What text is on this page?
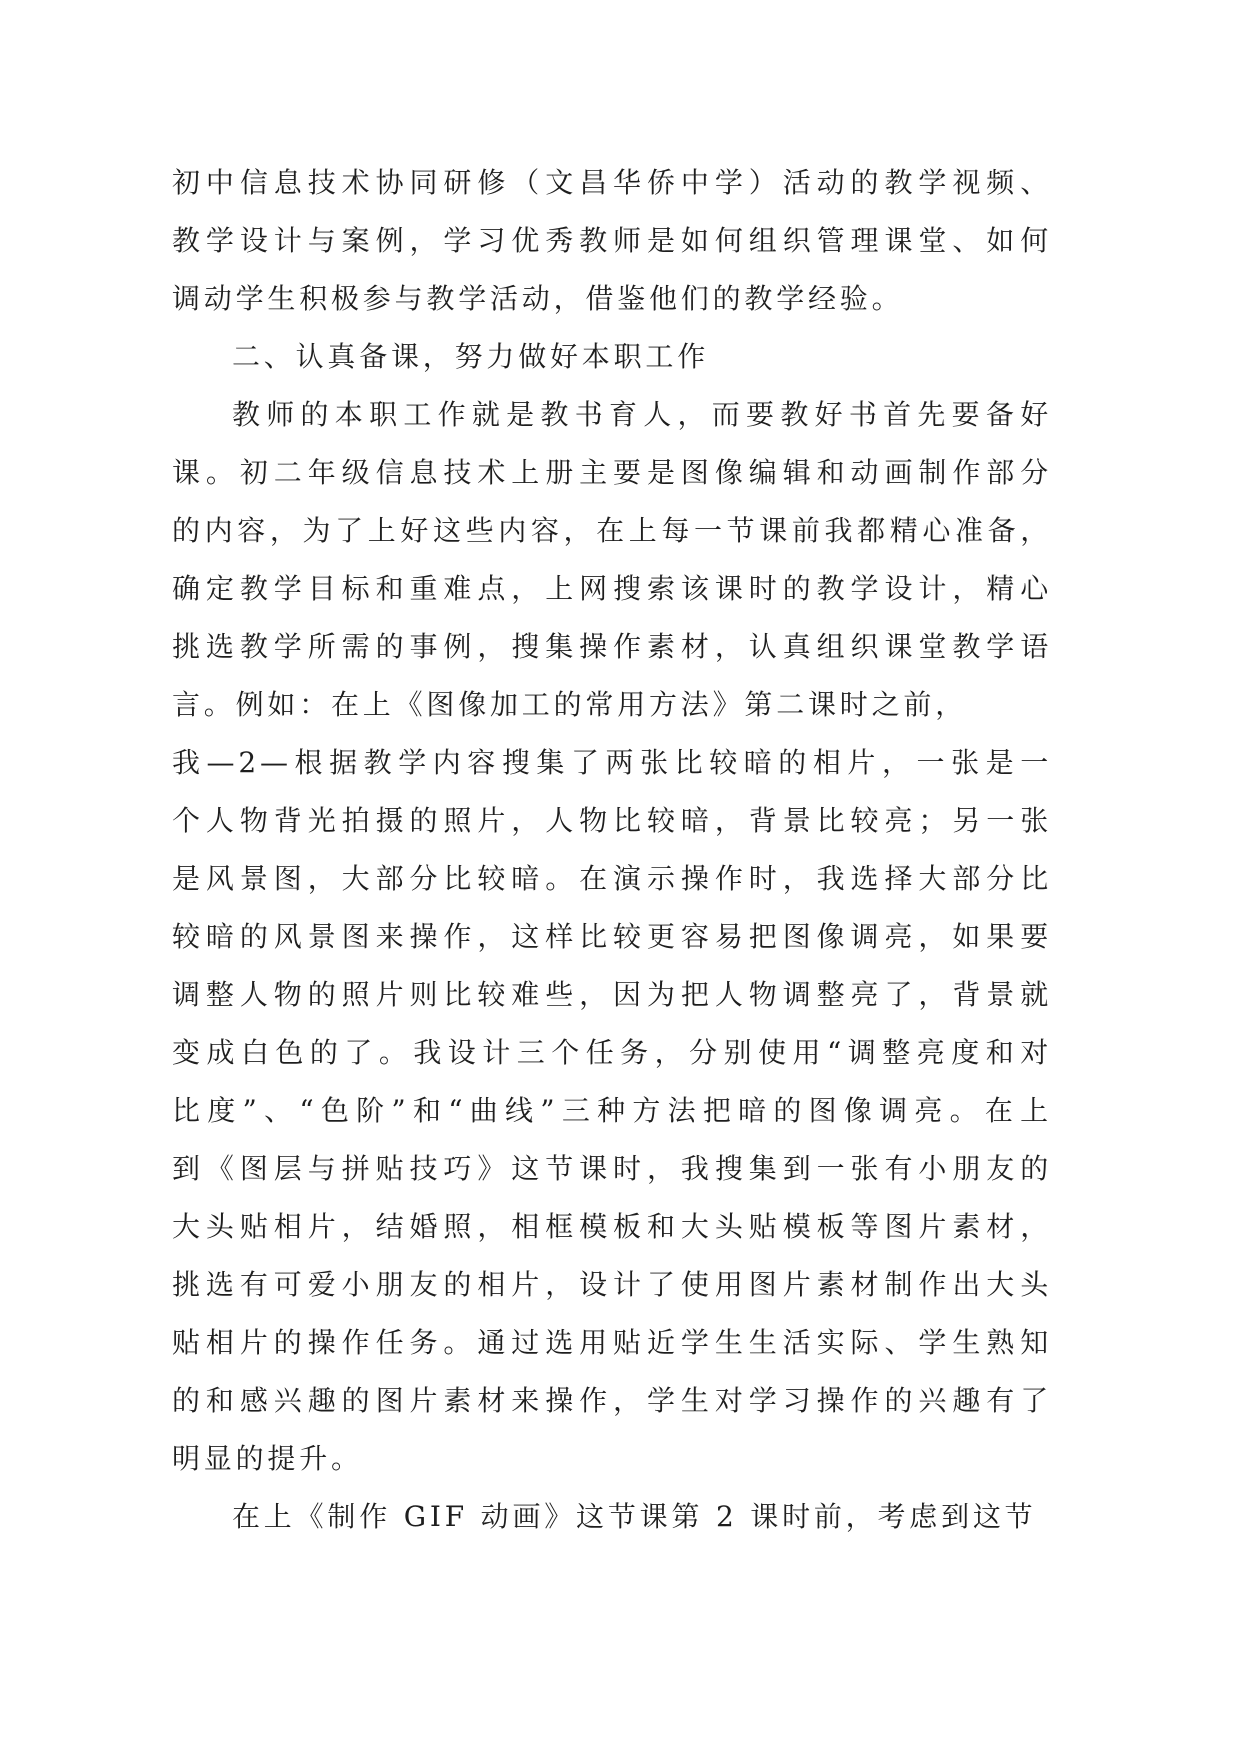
初中信息技术协同研修（文昌华侨中学）活动的教学视频、
教学设计与案例，学习优秀教师是如何组织管理课堂、如何
调动学生积极参与教学活动，借鉴他们的教学经验。
二、认真备课，努力做好本职工作
教师的本职工作就是教书育人，而要教好书首先要备好
课。初二年级信息技术上册主要是图像编辑和动画制作部分
的内容，为了上好这些内容，在上每一节课前我都精心准备，
确定教学目标和重难点，上网搜索该课时的教学设计，精心
挑选教学所需的事例，搜集操作素材，认真组织课堂教学语
言。例如：在上《图像加工的常用方法》第二课时之前，
我—2—根据教学内容搜集了两张比较暗的相片，一张是一
个人物背光拍摄的照片，人物比较暗，背景比较亮；另一张
是风景图，大部分比较暗。在演示操作时，我选择大部分比
较暗的风景图来操作，这样比较更容易把图像调亮，如果要
调整人物的照片则比较难些，因为把人物调整亮了，背景就
变成白色的了。我设计三个任务，分别使用“调整亮度和对
比度”、“色阶”和“曲线”三种方法把暗的图像调亮。在上
到《图层与拼贴技巧》这节课时，我搜集到一张有小朋友的
大头贴相片，结婚照，相框模板和大头贴模板等图片素材，
挑选有可爱小朋友的相片，设计了使用图片素材制作出大头
贴相片的操作任务。通过选用贴近学生生活实际、学生熟知
的和感兴趣的图片素材来操作，学生对学习操作的兴趣有了
明显的提升。
在上《制作 GIF 动画》这节课第 2 课时前，考虑到这节
